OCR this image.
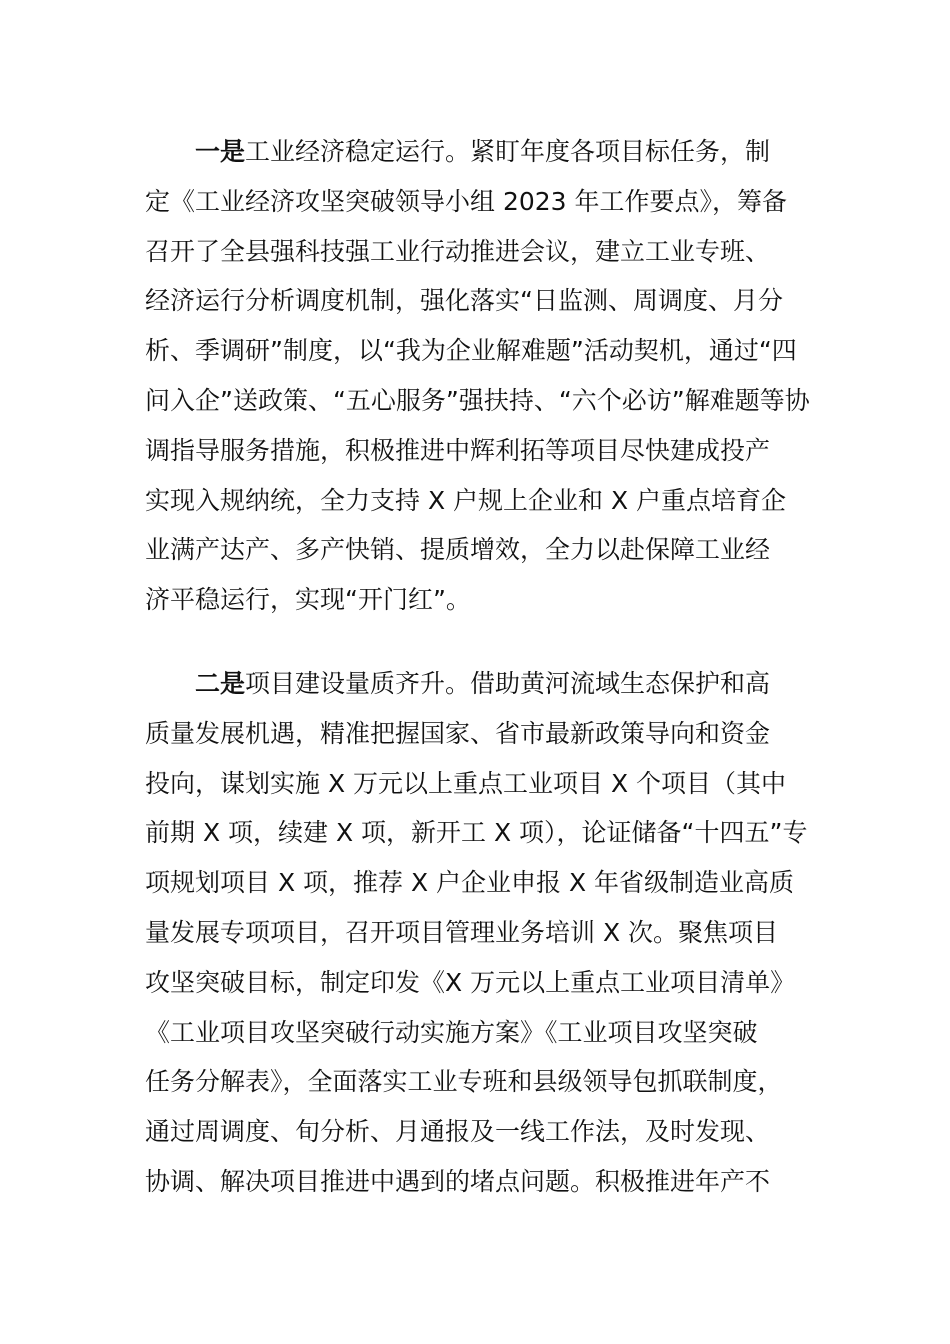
一是工业经济稳定运行。紧盯年度各项目标任务，制
定《工业经济攻坚突破领导小组 2023 年工作要点》，筹备
召开了全县强科技强工业行动推进会议，建立工业专班、
经济运行分析调度机制，强化落实“日监测、周调度、月分
析、季调研”制度，以“我为企业解难题”活动契机，通过“四
问入企”送政策、“五心服务”强扶持、“六个必访”解难题等协
调指导服务措施，积极推进中辉利拓等项目尽快建成投产
实现入规纳统，全力支持 X 户规上企业和 X 户重点培育企
业满产达产、多产快销、提质增效，全力以赴保障工业经
济平稳运行，实现“开门红”。
二是项目建设量质齐升。借助黄河流域生态保护和高
质量发展机遇，精准把握国家、省市最新政策导向和资金
投向，谋划实施 X 万元以上重点工业项目 X 个项目（其中
前期 X 项，续建 X 项，新开工 X 项），论证储备“十四五”专
项规划项目 X 项，推荐 X 户企业申报 X 年省级制造业高质
量发展专项项目，召开项目管理业务培训 X 次。聚焦项目
攻坚突破目标，制定印发《X 万元以上重点工业项目清单》
《工业项目攻坚突破行动实施方案》《工业项目攻坚突破
任务分解表》，全面落实工业专班和县级领导包抓联制度，
通过周调度、旬分析、月通报及一线工作法，及时发现、
协调、解决项目推进中遇到的堵点问题。积极推进年产不
